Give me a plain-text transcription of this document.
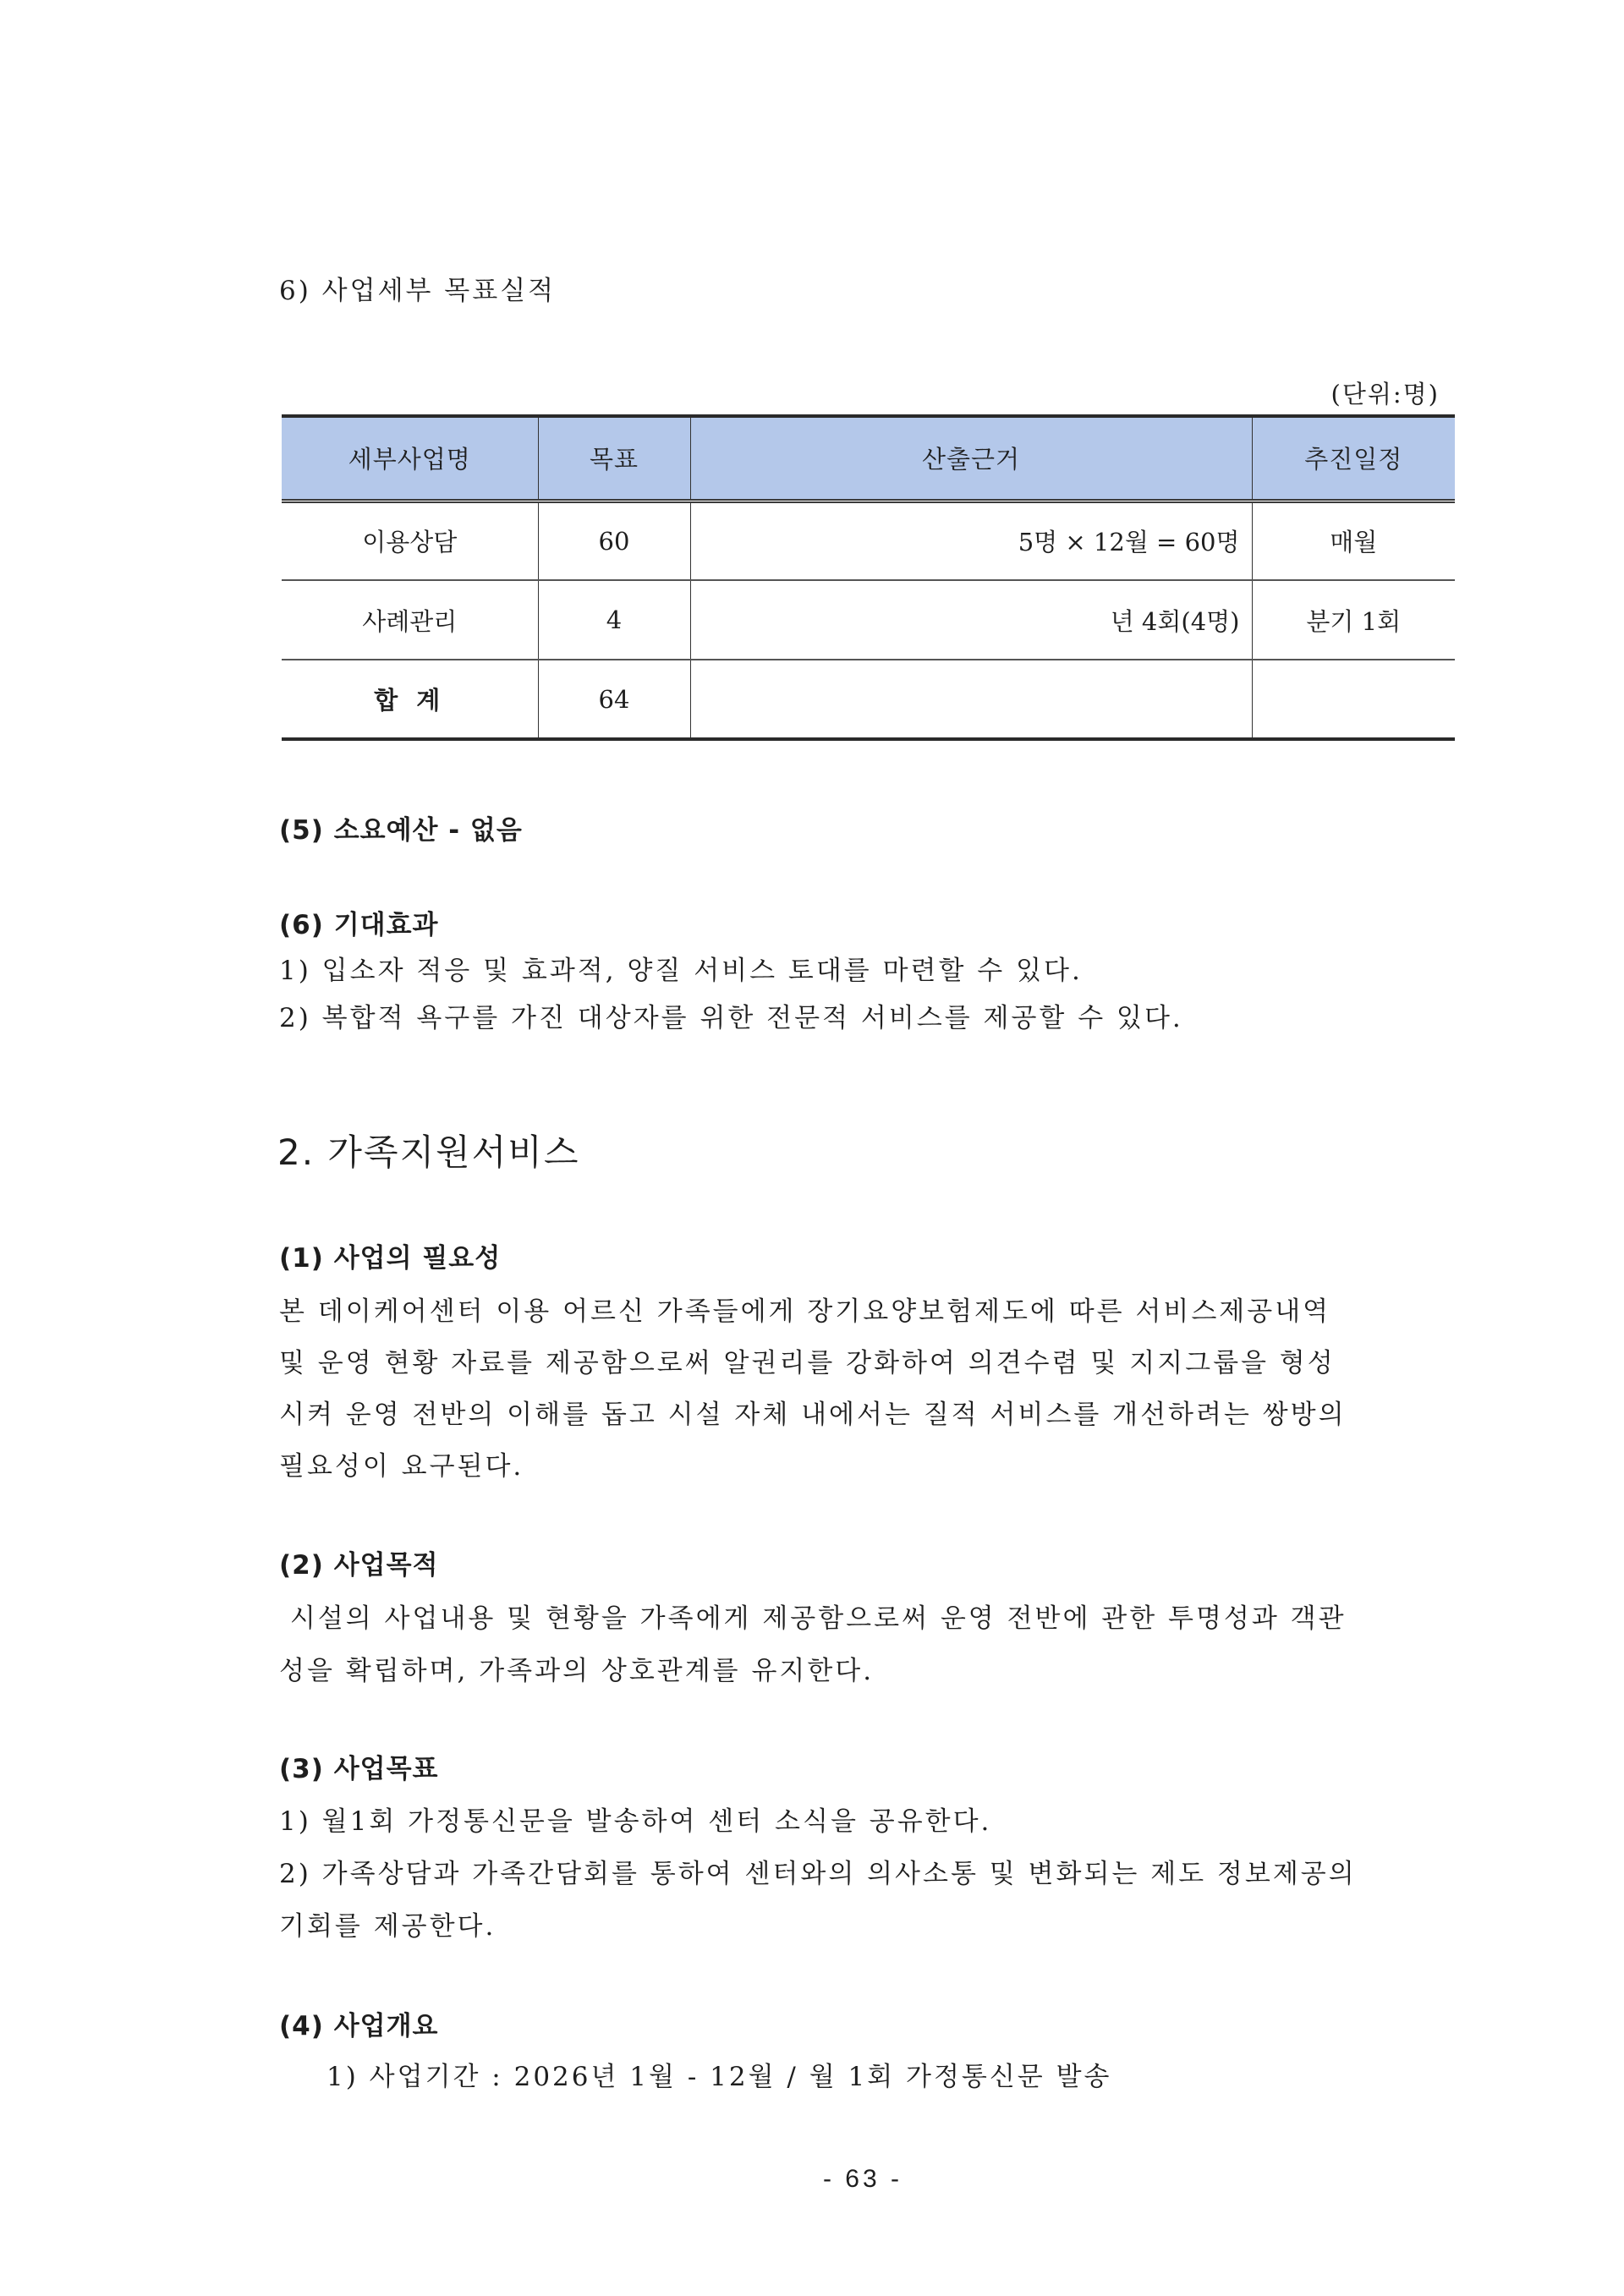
6) 사업세부 목표실적
(단위:명)
세부사업명	목표	산출근거	추진일정
이용상담	60	5명 × 12월 = 60명	매월
사례관리	4	년 4회(4명)	분기 1회
합 계	64		
(5) 소요예산 - 없음
(6) 기대효과
1) 입소자 적응 및 효과적, 양질 서비스 토대를 마련할 수 있다.
2) 복합적 욕구를 가진 대상자를 위한 전문적 서비스를 제공할 수 있다.
2. 가족지원서비스
(1) 사업의 필요성
본 데이케어센터 이용 어르신 가족들에게 장기요양보험제도에 따른 서비스제공내역
및 운영 현황 자료를 제공함으로써 알권리를 강화하여 의견수렴 및 지지그룹을 형성
시켜 운영 전반의 이해를 돕고 시설 자체 내에서는 질적 서비스를 개선하려는 쌍방의
필요성이 요구된다.
(2) 사업목적
시설의 사업내용 및 현황을 가족에게 제공함으로써 운영 전반에 관한 투명성과 객관
성을 확립하며, 가족과의 상호관계를 유지한다.
(3) 사업목표
1) 월1회 가정통신문을 발송하여 센터 소식을 공유한다.
2) 가족상담과 가족간담회를 통하여 센터와의 의사소통 및 변화되는 제도 정보제공의
기회를 제공한다.
(4) 사업개요
1) 사업기간 : 2026년 1월 - 12월 / 월 1회 가정통신문 발송
- 63 -
